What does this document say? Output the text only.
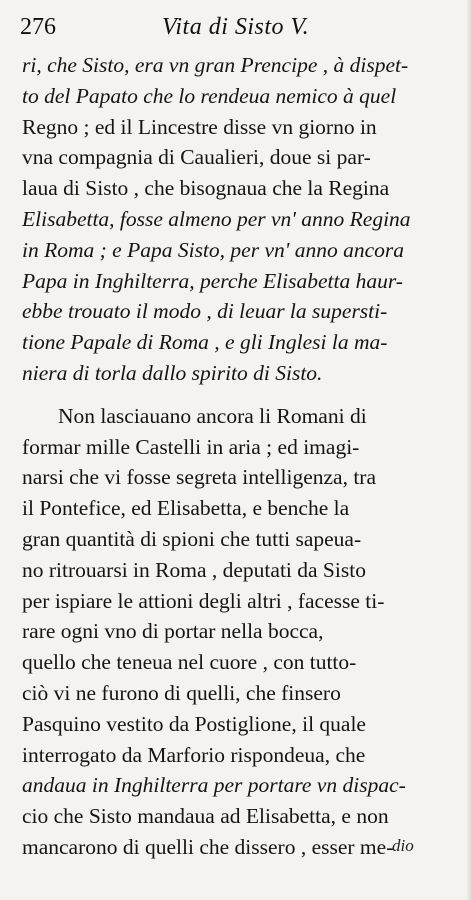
276	Vita di Sisto V.
ri, che Sisto, era vn gran Prencipe , à dispet-
to del Papato che lo rendeua nemico à quel
Regno ; ed il Lincestre disse vn giorno in
vna compagnia di Caualieri, doue si par-
laua di Sisto , che bisognaua che la Regina
Elisabetta, fosse almeno per vn' anno Regina
in Roma ; e Papa Sisto, per vn' anno ancora
Papa in Inghilterra, perche Elisabetta haur-
ebbe trouato il modo , di leuar la supersti-
tione Papale di Roma , e gli Inglesi la ma-
niera di torla dallo spirito di Sisto.
Non lasciauano ancora li Romani di
formar mille Castelli in aria ; ed imagi-
narsi che vi fosse segreta intelligenza, tra
il Pontefice, ed Elisabetta, e benche la
gran quantità di spioni che tutti sapeua-
no ritrouarsi in Roma , deputati da Sisto
per ispiare le attioni degli altri , facesse ti-
rare ogni vno di portar nella bocca,
quello che teneua nel cuore , con tutto-
ciò vi ne furono di quelli, che finsero
Pasquino vestito da Postiglione, il quale
interrogato da Marforio rispondeua, che
andaua in Inghilterra per portare vn dispac-
cio che Sisto mandaua ad Elisabetta, e non
mancarono di quelli che dissero , esser me-
dio
